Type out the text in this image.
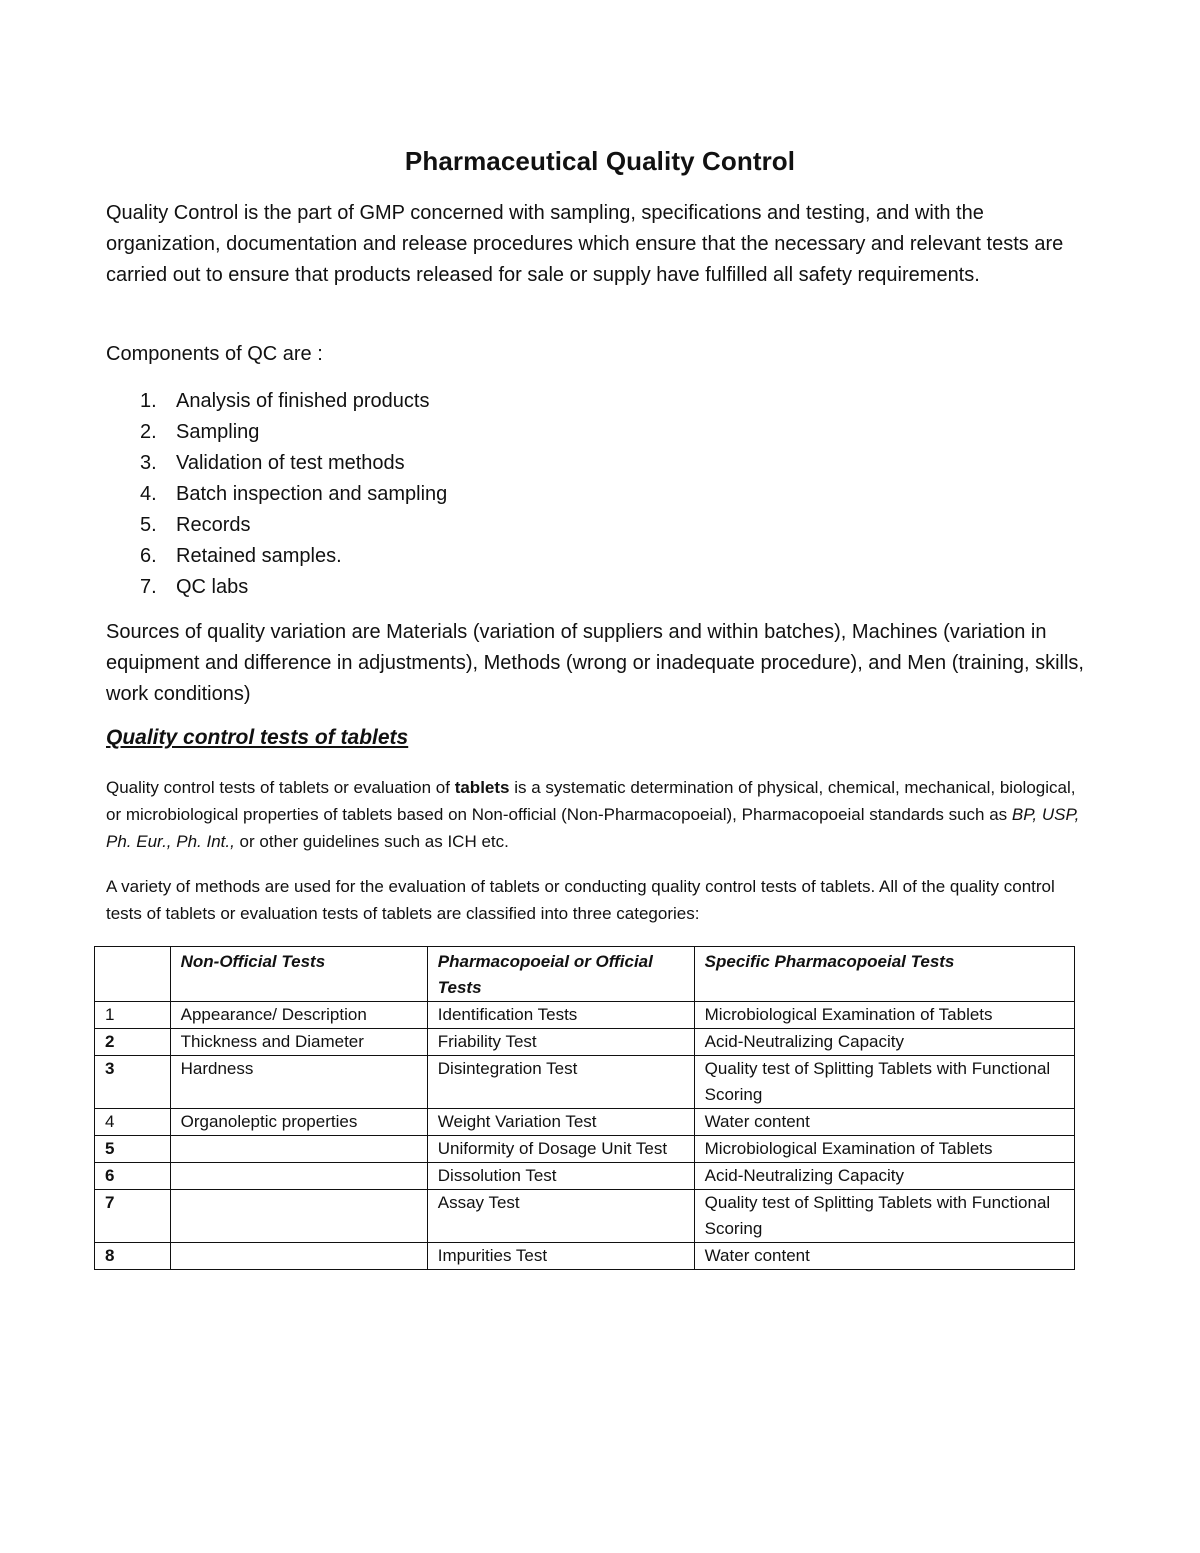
Pharmaceutical Quality Control

Quality Control is the part of GMP concerned with sampling, specifications and testing, and with the organization, documentation and release procedures which ensure that the necessary and relevant tests are carried out to ensure that products released for sale or supply have fulfilled all safety requirements.

Components of QC are :

1. Analysis of finished products
2. Sampling
3. Validation of test methods
4. Batch inspection and sampling
5. Records
6. Retained samples.
7. QC labs

Sources of quality variation are Materials (variation of suppliers and within batches), Machines (variation in equipment and difference in adjustments), Methods (wrong or inadequate procedure), and Men (training, skills, work conditions)

Quality control tests of tablets

Quality control tests of tablets or evaluation of tablets is a systematic determination of physical, chemical, mechanical, biological, or microbiological properties of tablets based on Non-official (Non-Pharmacopoeial), Pharmacopoeial standards such as BP, USP, Ph. Eur., Ph. Int., or other guidelines such as ICH etc.

A variety of methods are used for the evaluation of tablets or conducting quality control tests of tablets. All of the quality control tests of tablets or evaluation tests of tablets are classified into three categories:

	Non-Official Tests	Pharmacopoeial or Official Tests	Specific Pharmacopoeial Tests
1	Appearance/ Description	Identification Tests	Microbiological Examination of Tablets
2	Thickness and Diameter	Friability Test	Acid-Neutralizing Capacity
3	Hardness	Disintegration Test	Quality test of Splitting Tablets with Functional Scoring
4	Organoleptic properties	Weight Variation Test	Water content
5		Uniformity of Dosage Unit Test	Microbiological Examination of Tablets
6		Dissolution Test	Acid-Neutralizing Capacity
7		Assay Test	Quality test of Splitting Tablets with Functional Scoring
8		Impurities Test	Water content
